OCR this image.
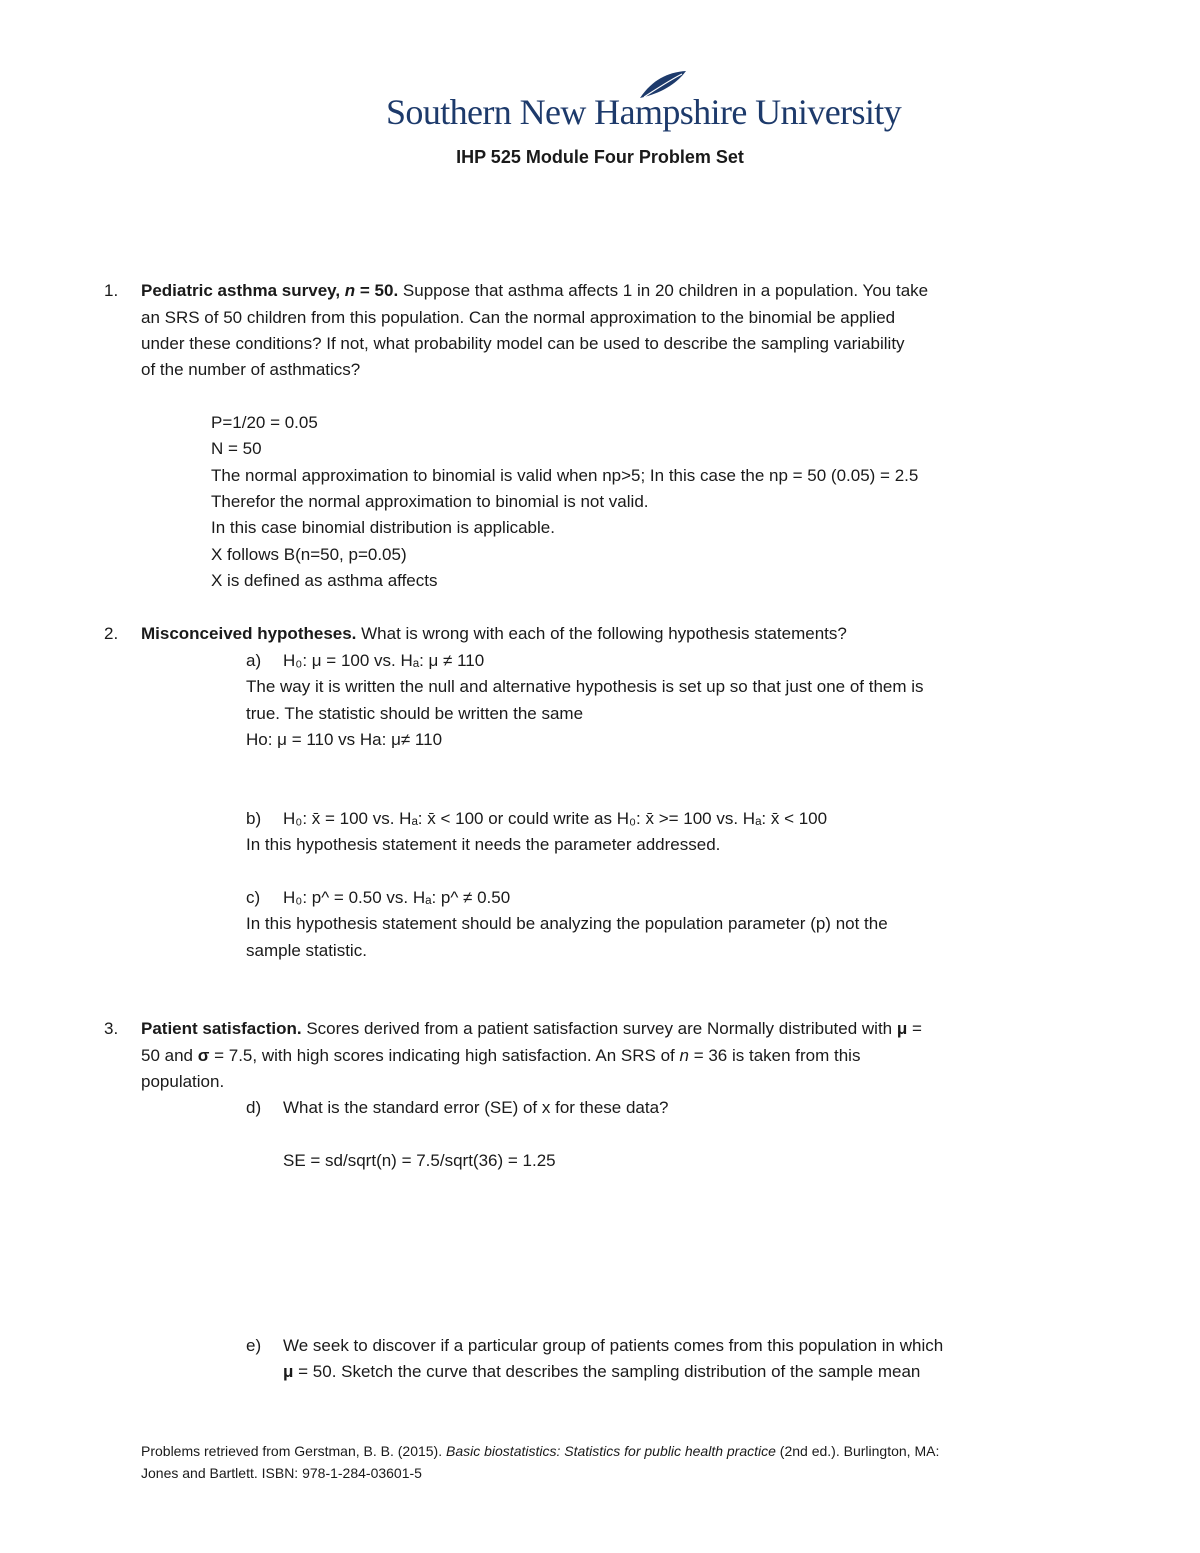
Southern New Hampshire University
IHP 525 Module Four Problem Set
1. Pediatric asthma survey, n = 50. Suppose that asthma affects 1 in 20 children in a population. You take
an SRS of 50 children from this population. Can the normal approximation to the binomial be applied
under these conditions? If not, what probability model can be used to describe the sampling variability
of the number of asthmatics?
P=1/20 = 0.05
N = 50
The normal approximation to binomial is valid when np>5; In this case the np = 50 (0.05) = 2.5
Therefor the normal approximation to binomial is not valid.
In this case binomial distribution is applicable.
X follows B(n=50, p=0.05)
X is defined as asthma affects
2. Misconceived hypotheses. What is wrong with each of the following hypothesis statements?
a) H₀: μ = 100 vs. Hₐ: μ ≠ 110
The way it is written the null and alternative hypothesis is set up so that just one of them is
true. The statistic should be written the same
Ho: μ = 110 vs Ha: μ≠ 110
b) H₀: x̄ = 100 vs. Hₐ: x̄ < 100 or could write as H₀: x̄ >= 100 vs. Hₐ: x̄ < 100
In this hypothesis statement it needs the parameter addressed.
c) H₀: p^ = 0.50 vs. Hₐ: p^ ≠ 0.50
In this hypothesis statement should be analyzing the population parameter (p) not the
sample statistic.
3. Patient satisfaction. Scores derived from a patient satisfaction survey are Normally distributed with μ =
50 and σ = 7.5, with high scores indicating high satisfaction. An SRS of n = 36 is taken from this
population.
d) What is the standard error (SE) of x for these data?
SE = sd/sqrt(n) = 7.5/sqrt(36) = 1.25
e) We seek to discover if a particular group of patients comes from this population in which
μ = 50. Sketch the curve that describes the sampling distribution of the sample mean
Problems retrieved from Gerstman, B. B. (2015). Basic biostatistics: Statistics for public health practice (2nd ed.). Burlington, MA:
Jones and Bartlett. ISBN: 978-1-284-03601-5
